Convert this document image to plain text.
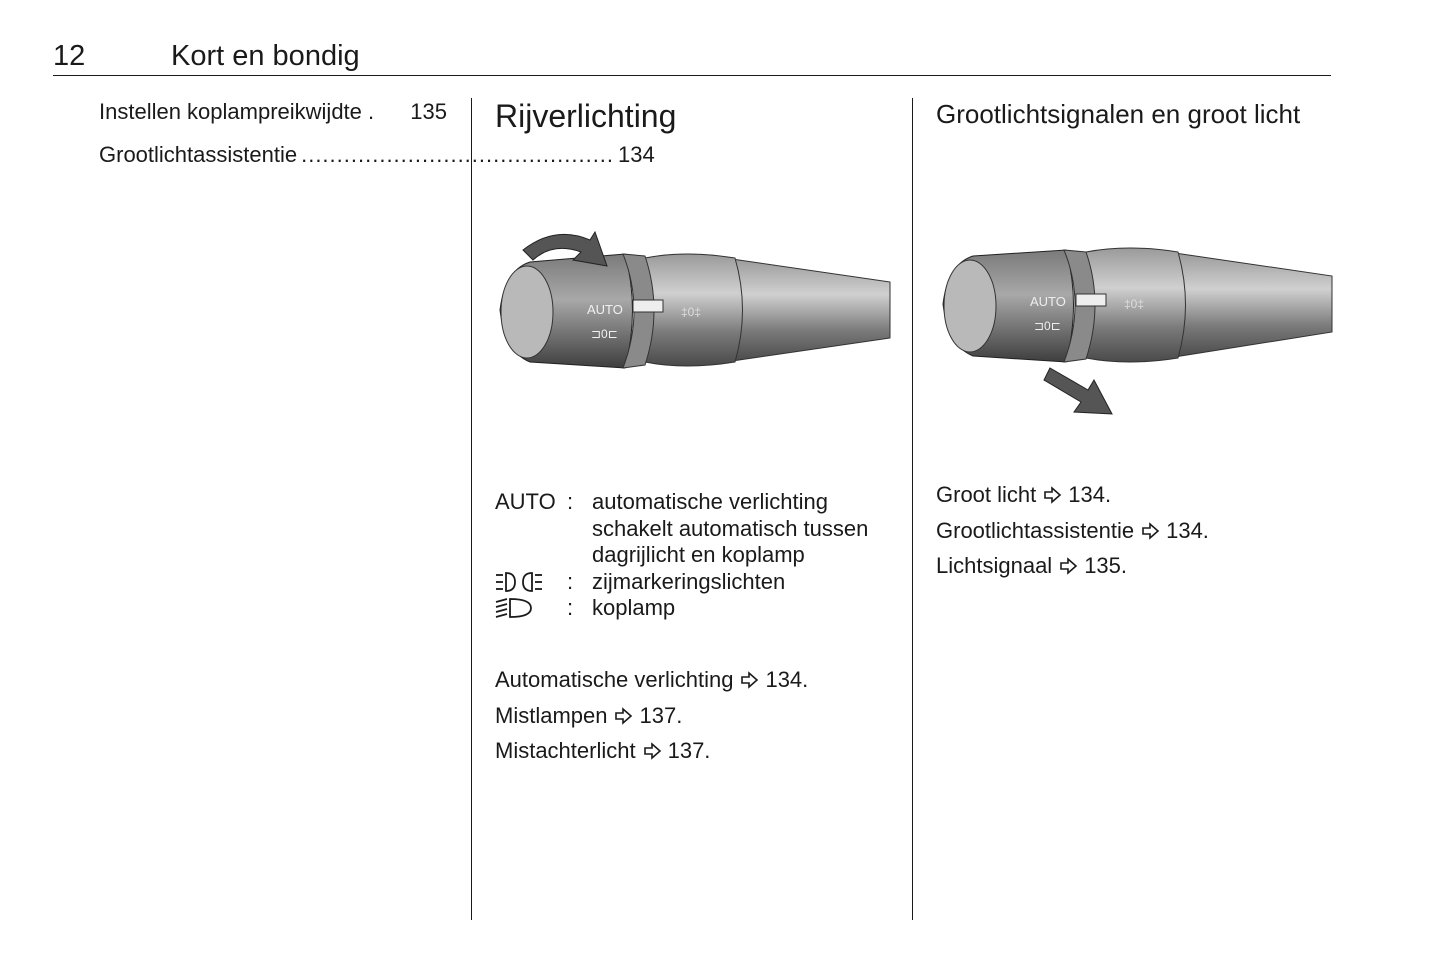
12	Kort en bondig
Instellen koplampreikwijdte . 135
Grootlichtassistentie ............................................ 134
Rijverlichting
AUTO
⊐0⊏
‡0‡
AUTO : automatische verlichting schakelt automatisch tussen dagrijlicht en koplamp
: zijmarkeringslichten
: koplamp
Automatische verlichting 134.
Mistlampen 137.
Mistachterlicht 137.
Grootlichtsignalen en groot licht
AUTO
⊐0⊏
‡0‡
Groot licht 134.
Grootlichtassistentie 134.
Lichtsignaal 135.
